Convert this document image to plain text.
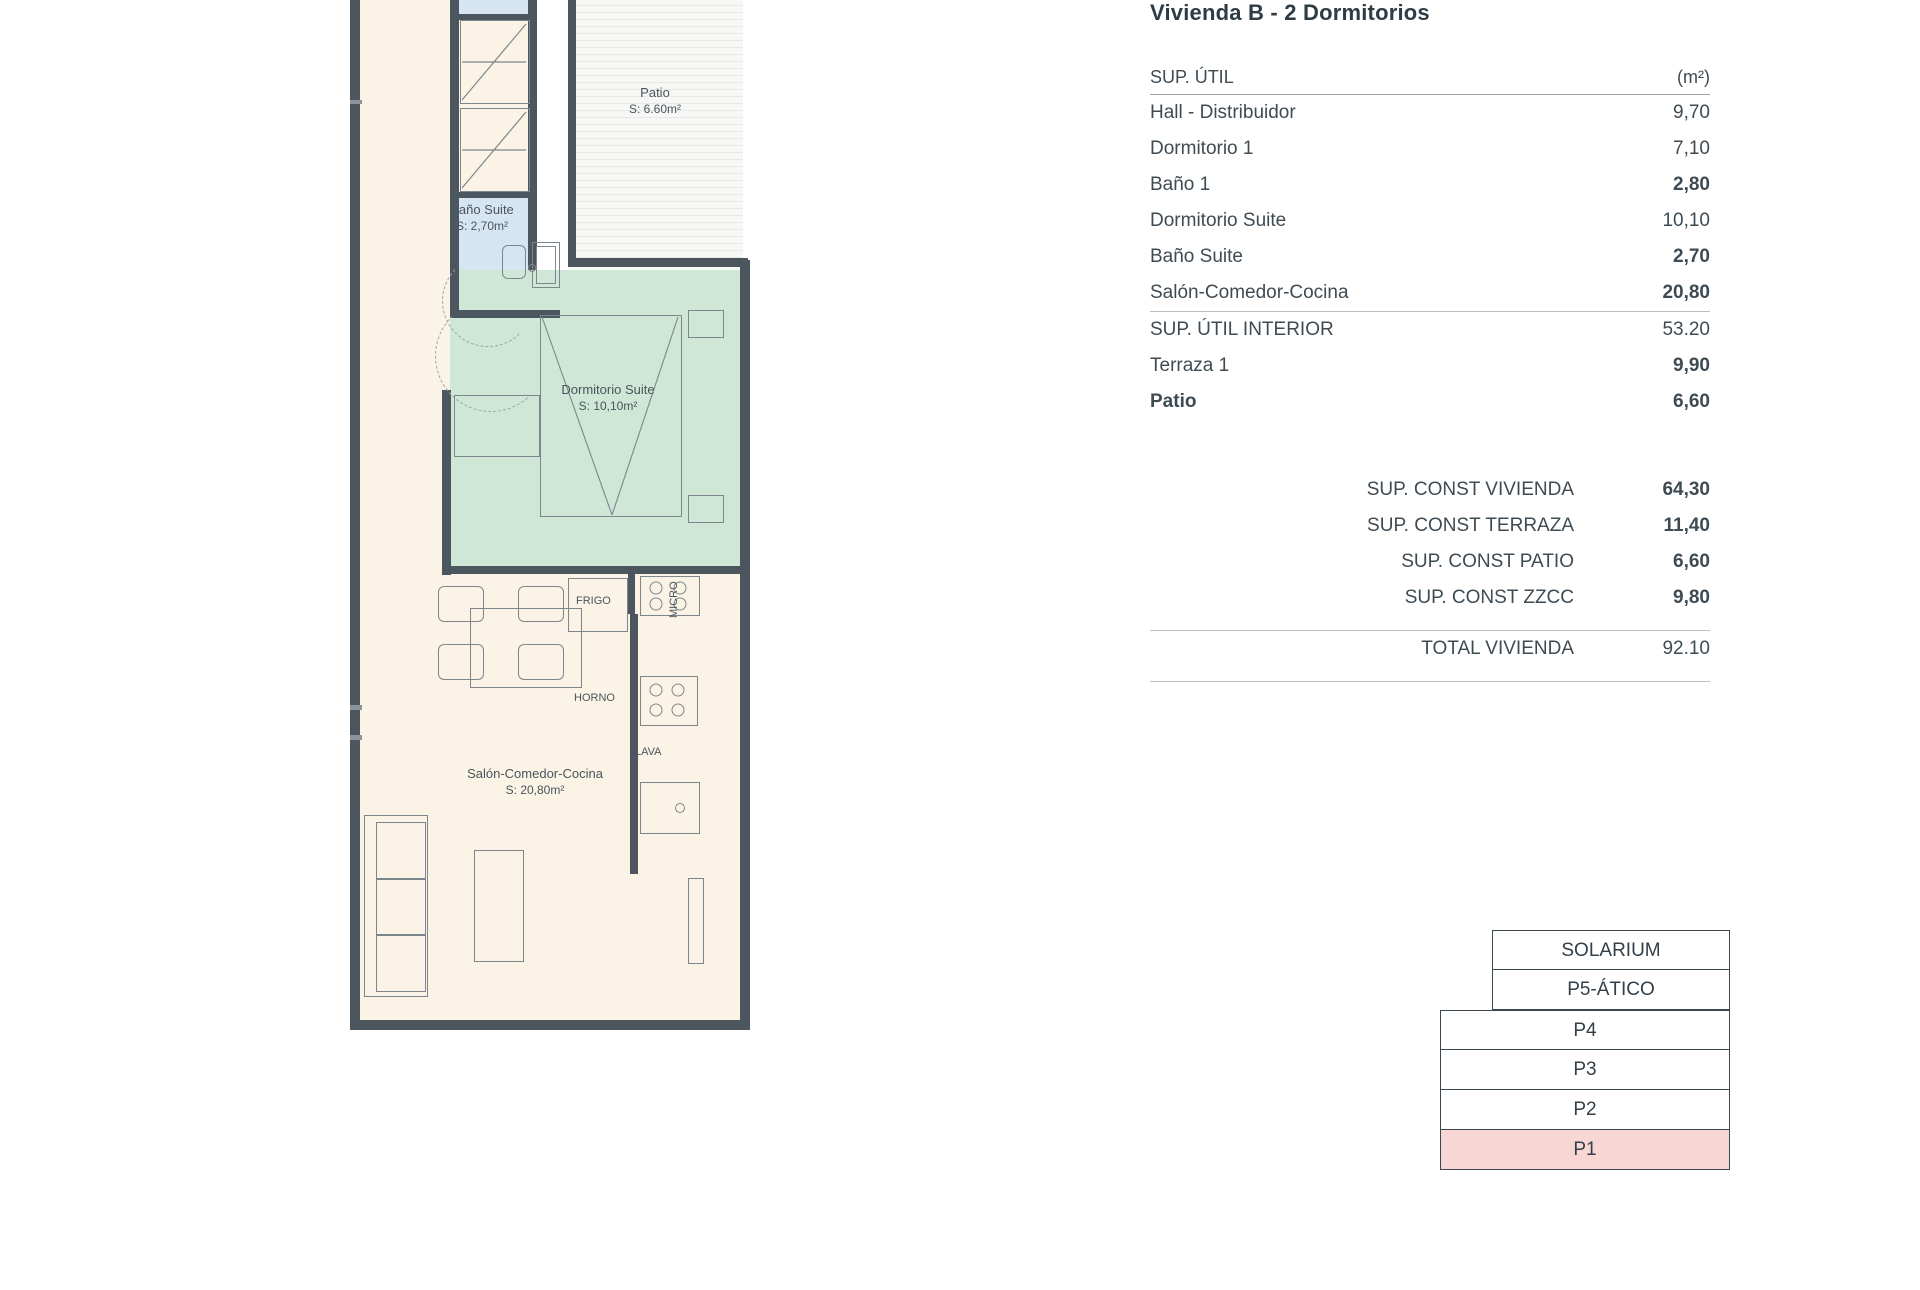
Patio
S: 6.60m²
Baño Suite
S: 2,70m²
Dormitorio Suite
S: 10,10m²
Salón-Comedor-Cocina
S: 20,80m²
FRIGO	MICRO
HORNO
LAVA
Vivienda B - 2 Dormitorios
SUP. ÚTIL	(m²)

Hall - Distribuidor	9,70
Dormitorio 1	7,10
Baño 1	2,80
Dormitorio Suite	10,10
Baño Suite	2,70
Salón-Comedor-Cocina	20,80

SUP. ÚTIL INTERIOR	53.20
Terraza 1	9,90
Patio	6,60
SUP. CONST VIVIENDA	64,30
SUP. CONST TERRAZA	11,40
SUP. CONST PATIO	6,60
SUP. CONST ZZCC	9,80

TOTAL VIVIENDA	92.10

SOLARIUM
P5-ÁTICO
P4
P3
P2
P1
